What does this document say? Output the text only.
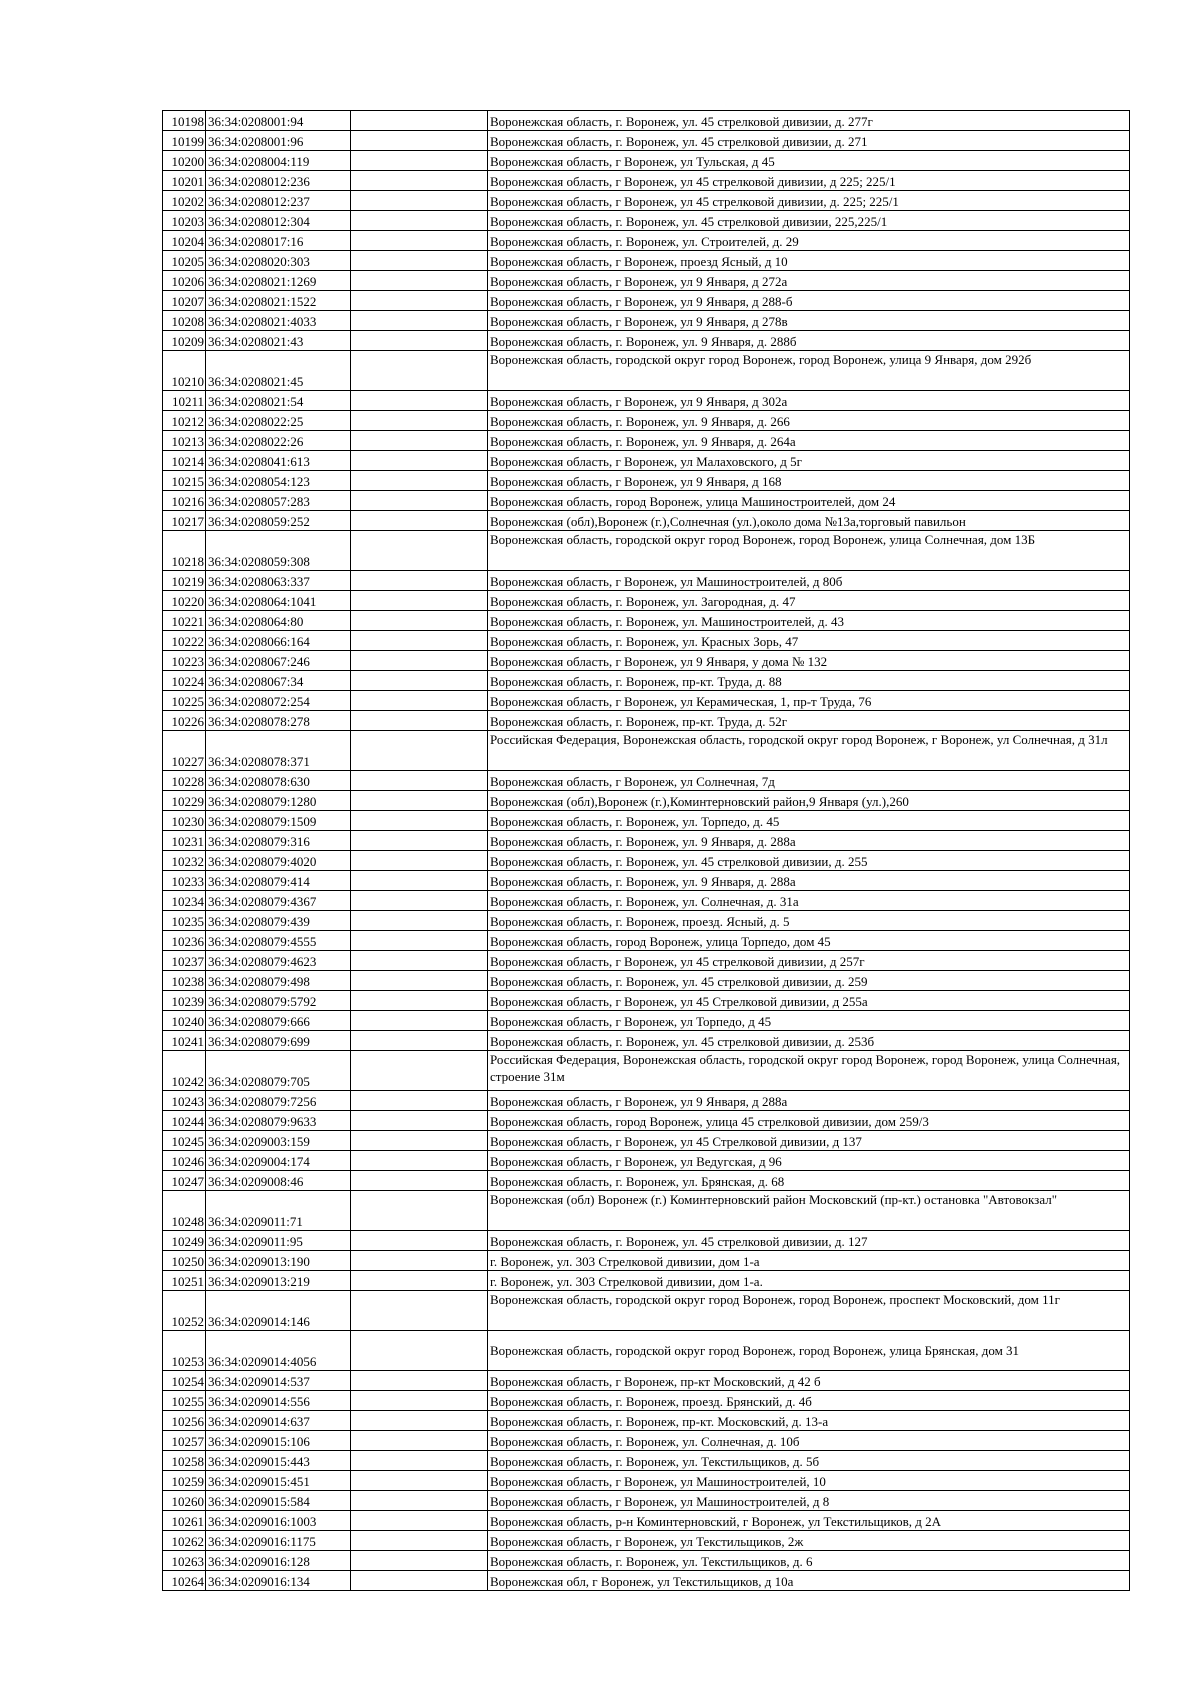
10198	36:34:0208001:94		Воронежская область, г. Воронеж, ул. 45 стрелковой дивизии, д. 277г
10199	36:34:0208001:96		Воронежская область, г. Воронеж, ул. 45 стрелковой дивизии, д. 271
10200	36:34:0208004:119		Воронежская область, г Воронеж, ул Тульская, д 45
10201	36:34:0208012:236		Воронежская область, г Воронеж, ул 45 стрелковой дивизии, д 225; 225/1
10202	36:34:0208012:237		Воронежская область, г Воронеж, ул 45 стрелковой дивизии, д. 225; 225/1
10203	36:34:0208012:304		Воронежская область, г. Воронеж, ул. 45 стрелковой дивизии, 225,225/1
10204	36:34:0208017:16		Воронежская область, г. Воронеж, ул. Строителей, д. 29
10205	36:34:0208020:303		Воронежская область, г Воронеж, проезд Ясный, д 10
10206	36:34:0208021:1269		Воронежская область, г Воронеж, ул 9 Января, д 272а
10207	36:34:0208021:1522		Воронежская область, г Воронеж, ул 9 Января, д 288-б
10208	36:34:0208021:4033		Воронежская область, г Воронеж, ул 9 Января, д 278в
10209	36:34:0208021:43		Воронежская область, г. Воронеж, ул. 9 Января, д. 288б
10210	36:34:0208021:45		Воронежская область, городской округ город Воронеж, город Воронеж, улица 9 Января, дом 292б
10211	36:34:0208021:54		Воронежская область, г Воронеж, ул 9 Января, д 302а
10212	36:34:0208022:25		Воронежская область, г. Воронеж, ул. 9 Января, д. 266
10213	36:34:0208022:26		Воронежская область, г. Воронеж, ул. 9 Января, д. 264а
10214	36:34:0208041:613		Воронежская область, г Воронеж, ул Малаховского, д 5г
10215	36:34:0208054:123		Воронежская область, г Воронеж, ул 9 Января, д 168
10216	36:34:0208057:283		Воронежская область, город Воронеж, улица Машиностроителей, дом 24
10217	36:34:0208059:252		Воронежская (обл),Воронеж (г.),Солнечная (ул.),около дома №13а,торговый павильон
10218	36:34:0208059:308		Воронежская область, городской округ город Воронеж, город Воронеж, улица Солнечная, дом 13Б
10219	36:34:0208063:337		Воронежская область, г Воронеж, ул Машиностроителей, д 80б
10220	36:34:0208064:1041		Воронежская область, г. Воронеж, ул. Загородная, д. 47
10221	36:34:0208064:80		Воронежская область, г. Воронеж, ул. Машиностроителей, д. 43
10222	36:34:0208066:164		Воронежская область, г. Воронеж, ул. Красных Зорь, 47
10223	36:34:0208067:246		Воронежская область, г Воронеж, ул 9 Января, у дома № 132
10224	36:34:0208067:34		Воронежская область, г. Воронеж, пр-кт. Труда, д. 88
10225	36:34:0208072:254		Воронежская область, г Воронеж, ул Керамическая, 1, пр-т Труда, 76
10226	36:34:0208078:278		Воронежская область, г. Воронеж, пр-кт. Труда, д. 52г
10227	36:34:0208078:371		Российская Федерация, Воронежская область, городской округ город Воронеж, г Воронеж, ул Солнечная, д 31л
10228	36:34:0208078:630		Воронежская область, г Воронеж, ул Солнечная, 7д
10229	36:34:0208079:1280		Воронежская (обл),Воронеж (г.),Коминтерновский район,9 Января (ул.),260
10230	36:34:0208079:1509		Воронежская область, г. Воронеж, ул. Торпедо, д. 45
10231	36:34:0208079:316		Воронежская область, г. Воронеж, ул. 9 Января, д. 288а
10232	36:34:0208079:4020		Воронежская область, г. Воронеж, ул. 45 стрелковой дивизии, д. 255
10233	36:34:0208079:414		Воронежская область, г. Воронеж, ул. 9 Января, д. 288а
10234	36:34:0208079:4367		Воронежская область, г. Воронеж, ул. Солнечная, д. 31а
10235	36:34:0208079:439		Воронежская область, г. Воронеж, проезд. Ясный, д. 5
10236	36:34:0208079:4555		Воронежская область, город Воронеж, улица Торпедо, дом 45
10237	36:34:0208079:4623		Воронежская область, г Воронеж, ул 45 стрелковой дивизии, д 257г
10238	36:34:0208079:498		Воронежская область, г. Воронеж, ул. 45 стрелковой дивизии, д. 259
10239	36:34:0208079:5792		Воронежская область, г Воронеж, ул 45 Стрелковой дивизии, д 255а
10240	36:34:0208079:666		Воронежская область, г Воронеж, ул Торпедо, д 45
10241	36:34:0208079:699		Воронежская область, г. Воронеж, ул. 45 стрелковой дивизии, д. 253б
10242	36:34:0208079:705		Российская Федерация, Воронежская область, городской округ город Воронеж, город Воронеж, улица Солнечная, строение 31м
10243	36:34:0208079:7256		Воронежская область, г Воронеж, ул 9 Января, д 288а
10244	36:34:0208079:9633		Воронежская область, город Воронеж, улица 45 стрелковой дивизии, дом 259/3
10245	36:34:0209003:159		Воронежская область, г Воронеж, ул 45 Стрелковой дивизии, д 137
10246	36:34:0209004:174		Воронежская область, г Воронеж, ул Ведугская, д 96
10247	36:34:0209008:46		Воронежская область, г. Воронеж, ул. Брянская, д. 68
10248	36:34:0209011:71		Воронежская (обл) Воронеж (г.) Коминтерновский район Московский (пр-кт.) остановка "Автовокзал"
10249	36:34:0209011:95		Воронежская область, г. Воронеж, ул. 45 стрелковой дивизии, д. 127
10250	36:34:0209013:190		г. Воронеж, ул. 303 Стрелковой дивизии, дом 1-а
10251	36:34:0209013:219		г. Воронеж, ул. 303 Стрелковой дивизии, дом 1-а.
10252	36:34:0209014:146		Воронежская область, городской округ город Воронеж, город Воронеж, проспект Московский, дом 11г
10253	36:34:0209014:4056		Воронежская область, городской округ город Воронеж, город Воронеж, улица Брянская, дом 31
10254	36:34:0209014:537		Воронежская область, г Воронеж, пр-кт Московский, д 42 б
10255	36:34:0209014:556		Воронежская область, г. Воронеж, проезд. Брянский, д. 4б
10256	36:34:0209014:637		Воронежская область, г. Воронеж, пр-кт. Московский, д. 13-а
10257	36:34:0209015:106		Воронежская область, г. Воронеж, ул. Солнечная, д. 10б
10258	36:34:0209015:443		Воронежская область, г. Воронеж, ул. Текстильщиков, д. 5б
10259	36:34:0209015:451		Воронежская область, г Воронеж, ул Машиностроителей, 10
10260	36:34:0209015:584		Воронежская область, г Воронеж, ул Машиностроителей, д 8
10261	36:34:0209016:1003		Воронежская область, р-н Коминтерновский, г Воронеж, ул Текстильщиков, д 2А
10262	36:34:0209016:1175		Воронежская область, г Воронеж, ул Текстильщиков, 2ж
10263	36:34:0209016:128		Воронежская область, г. Воронеж, ул. Текстильщиков, д. 6
10264	36:34:0209016:134		Воронежская обл, г Воронеж, ул Текстильщиков, д 10а
